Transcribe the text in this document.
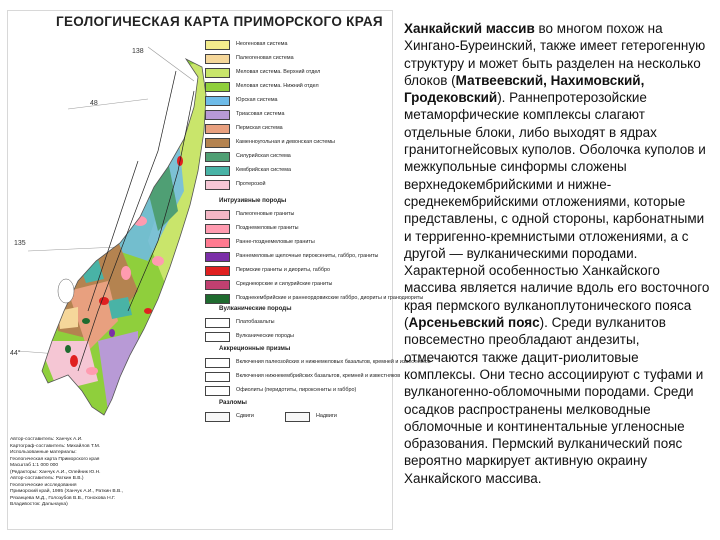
ГЕОЛОГИЧЕСКАЯ КАРТА ПРИМОРСКОГО КРАЯ
138
48
135
44°
Неогеновая система
Палеогеновая система
Меловая система. Верхний отдел
Меловая система. Нижний отдел
Юрская система
Триасовая система
Пермская система
Каменноугольная и девонская системы
Силурийская система
Кембрийская система
Протерозой
Интрузивные породы
Палеогеновые граниты
Позднемеловые граниты
Ранне-позднемеловые граниты
Раннемеловые щелочные пироксениты, габбро, граниты
Пермские граниты и диориты, габбро
Среднеюрские и силурийские граниты
Позднекембрийские и раннеордовикские габбро, диориты и гранодиориты
Вулканические породы
Платобазальты
Вулканические породы
Аккреционные призмы
Включения палеозойских и нижнемеловых базальтов, кремней и известняков
Включения нижнекембрийских базальтов, кремней и известняков
Офиолиты (перидотиты, пироксениты и габбро)
Разломы
Сдвиги	Надвиги
Автор-составитель: Ханчук А.И.
Картограф-составитель: Михайлов Т.М.
Использованные материалы:
Геологическая карта Приморского края
Масштаб 1:1 000 000
(Редакторы: Ханчук А.И., Олейник Ю.Н.
Автор-составитель: Раткин В.В.)
Геологические исследования
Приморский край, 1995 (Ханчук А.И., Раткин В.В.,
Рязанцева М.Д., Голозубов В.В., Гонохова Н.Г.
Владивосток: Дальнаука)

Ханкайский массив во многом похож на Хингано-Буреинский, также имеет гетерогенную структуру и может быть разделен на несколько блоков (Матвеевский, Нахимовский, Гродековский). Раннепротерозойские метаморфические комплексы слагают отдельные блоки, либо выходят в ядрах гранитогнейсовых куполов. Оболочка куполов и межкупольные синформы сложены верхнедокембрийскими и нижне-среднекембрийскими отложениями, которые представлены, с одной стороны, карбонатными и терригенно-кремнистыми отложениями, а с другой — вулканическими породами. Характерной особенностью Ханкайского массива является наличие вдоль его восточного края пермского вулканоплутонического пояса (Арсеньевский пояс). Среди вулканитов повсеместно преобладают андезиты, отмечаются также дацит-риолитовые комплексы. Они тесно ассоциируют с туфами и вулканогенно-обломочными породами. Среди осадков распространены мелководные обломочные и континентальные угленосные образования. Пермский вулканический пояс вероятно маркирует активную окраину Ханкайского массива.
